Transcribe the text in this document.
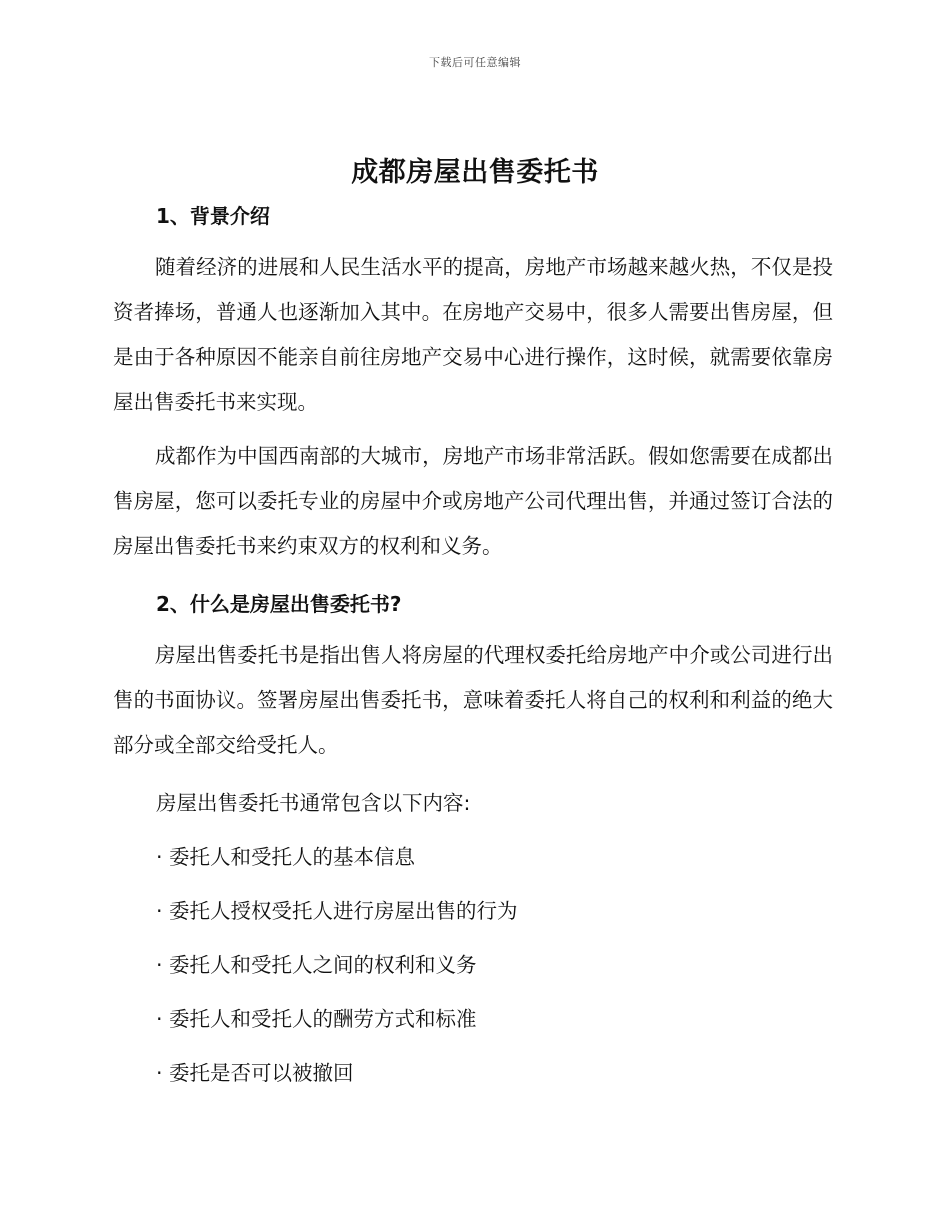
下载后可任意编辑
成都房屋出售委托书
1、背景介绍

随着经济的进展和人民生活水平的提高，房地产市场越来越火热，不仅是投资者捧场，普通人也逐渐加入其中。在房地产交易中，很多人需要出售房屋，但是由于各种原因不能亲自前往房地产交易中心进行操作，这时候，就需要依靠房屋出售委托书来实现。

成都作为中国西南部的大城市，房地产市场非常活跃。假如您需要在成都出售房屋，您可以委托专业的房屋中介或房地产公司代理出售，并通过签订合法的房屋出售委托书来约束双方的权利和义务。

2、什么是房屋出售委托书?

房屋出售委托书是指出售人将房屋的代理权委托给房地产中介或公司进行出售的书面协议。签署房屋出售委托书，意味着委托人将自己的权利和利益的绝大部分或全部交给受托人。

房屋出售委托书通常包含以下内容:

· 委托人和受托人的基本信息

· 委托人授权受托人进行房屋出售的行为

· 委托人和受托人之间的权利和义务

· 委托人和受托人的酬劳方式和标准

· 委托是否可以被撤回
